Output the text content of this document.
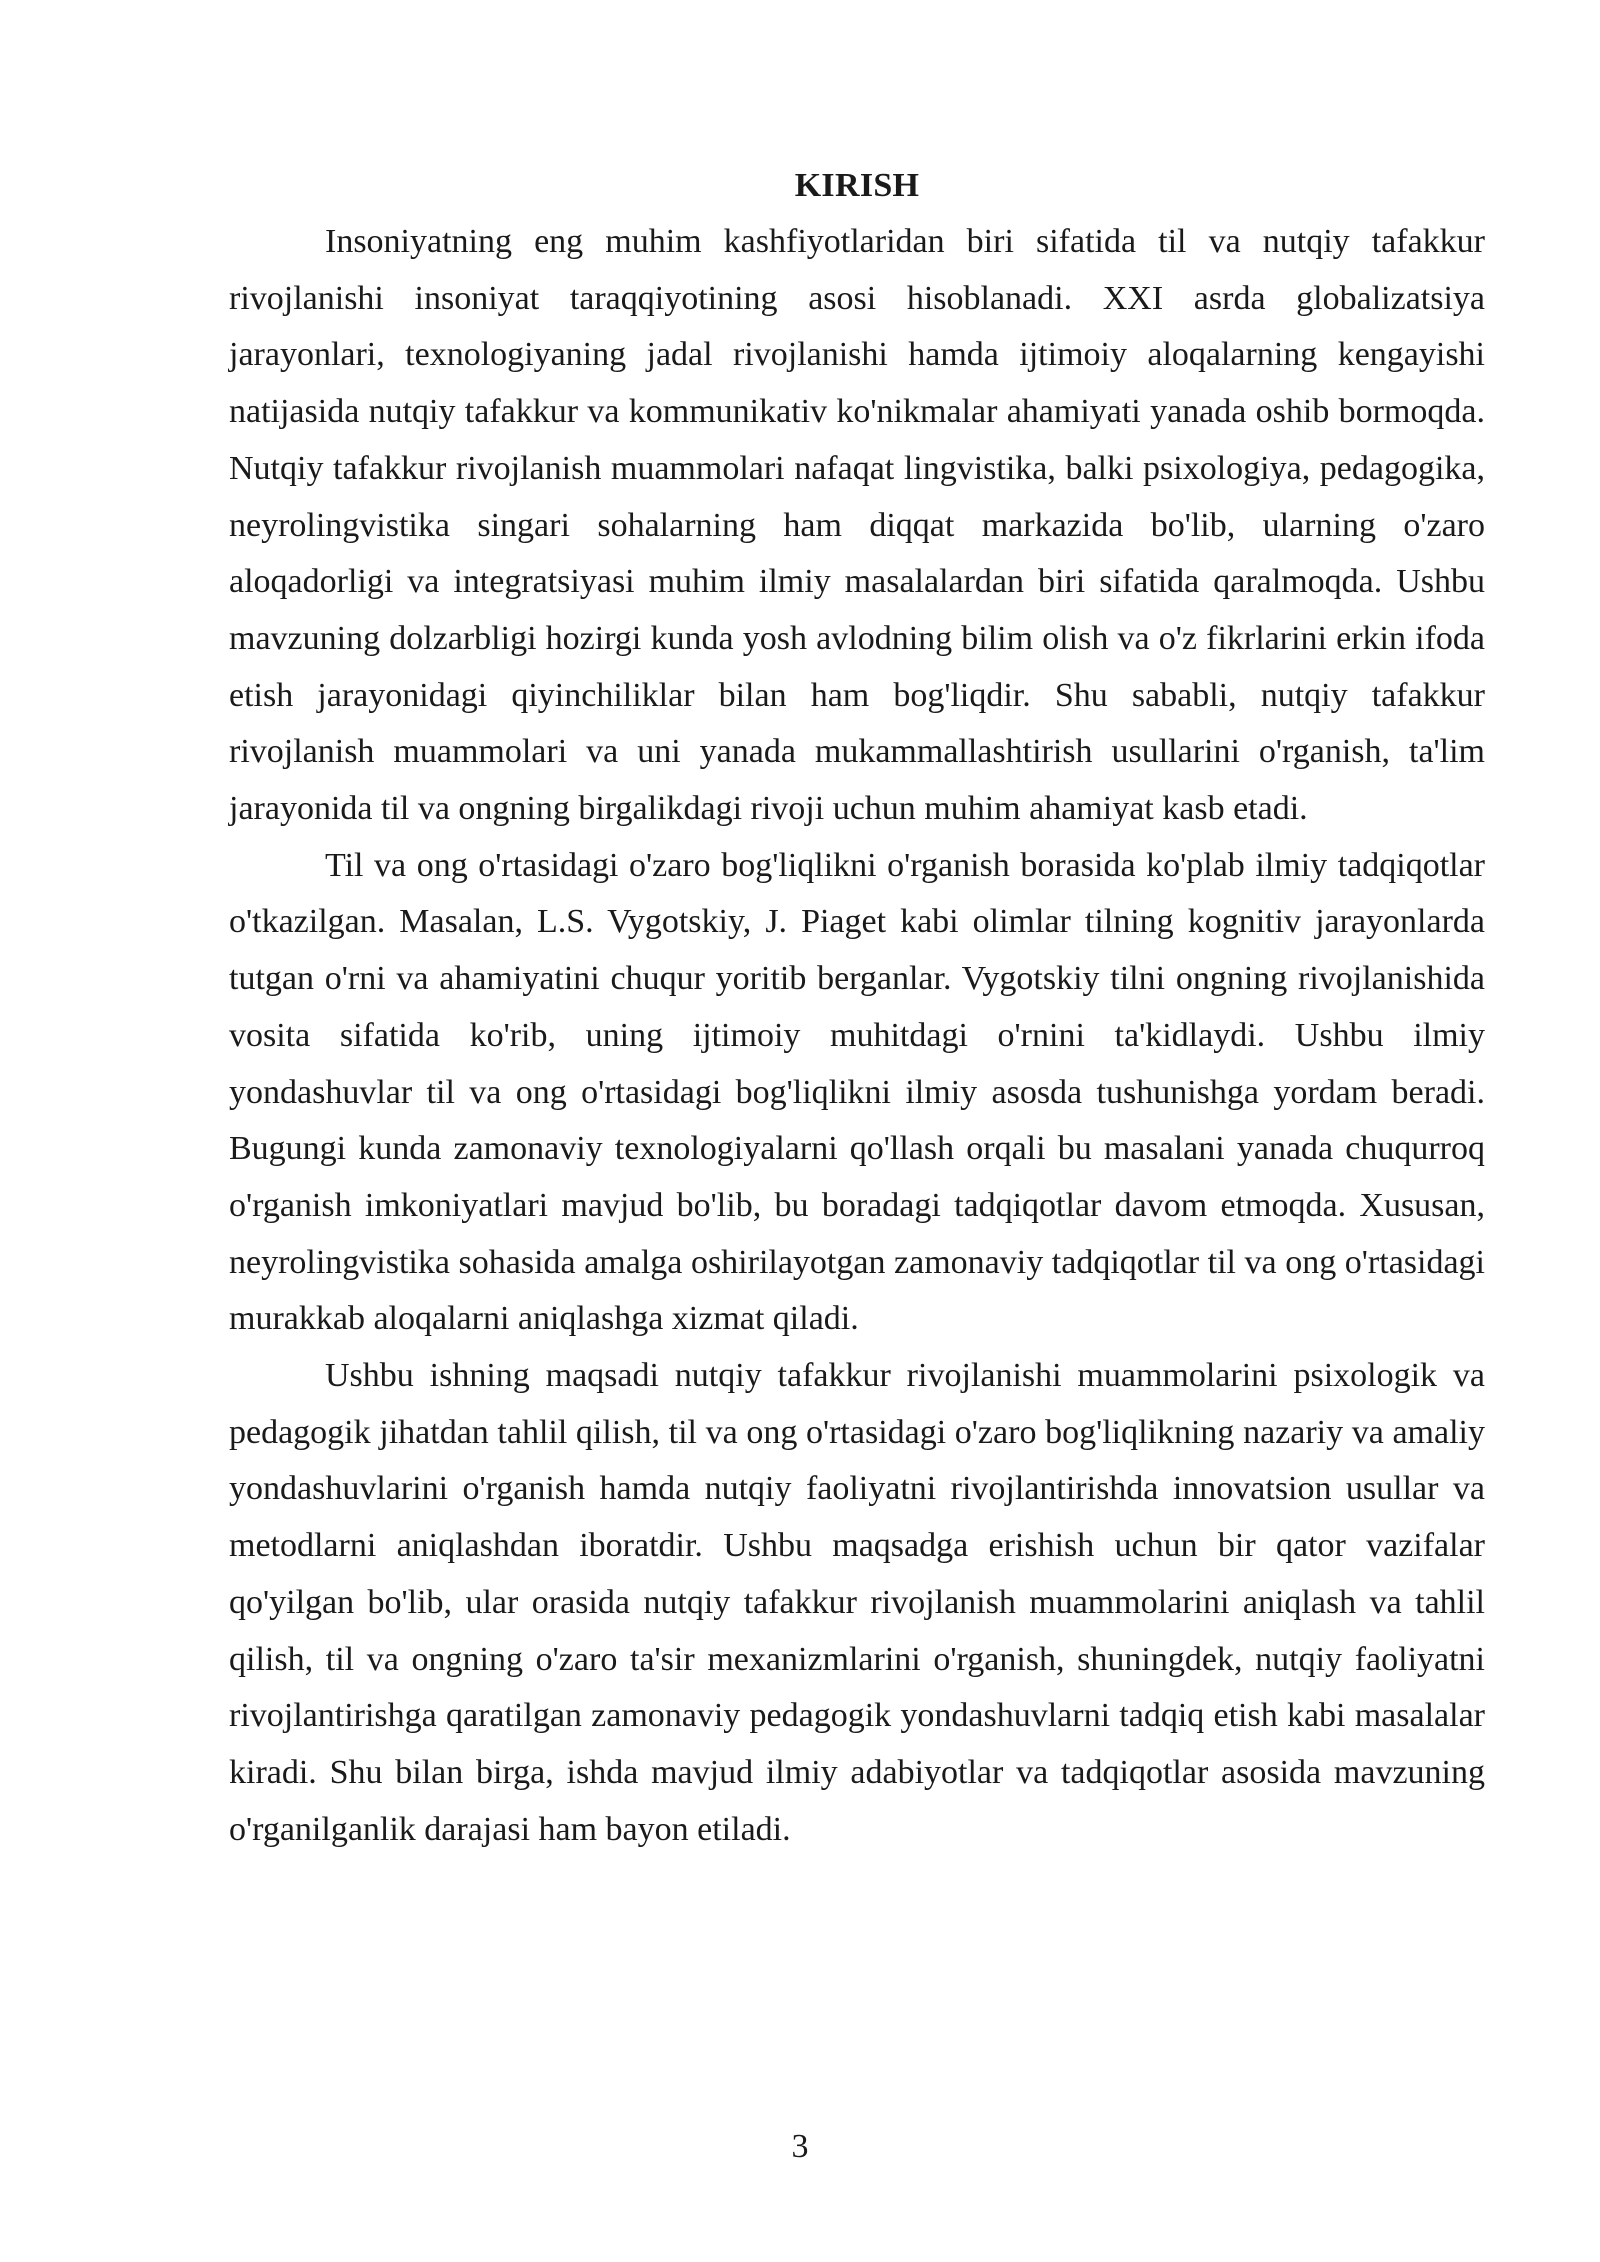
KIRISH

Insoniyatning eng muhim kashfiyotlaridan biri sifatida til va nutqiy tafakkur rivojlanishi insoniyat taraqqiyotining asosi hisoblanadi. XXI asrda globalizatsiya jarayonlari, texnologiyaning jadal rivojlanishi hamda ijtimoiy aloqalarning kengayishi natijasida nutqiy tafakkur va kommunikativ ko'nikmalar ahamiyati yanada oshib bormoqda. Nutqiy tafakkur rivojlanish muammolari nafaqat lingvistika, balki psixologiya, pedagogika, neyrolingvistika singari sohalarning ham diqqat markazida bo'lib, ularning o'zaro aloqadorligi va integratsiyasi muhim ilmiy masalalardan biri sifatida qaralmoqda. Ushbu mavzuning dolzarbligi hozirgi kunda yosh avlodning bilim olish va o'z fikrlarini erkin ifoda etish jarayonidagi qiyinchiliklar bilan ham bog'liqdir. Shu sababli, nutqiy tafakkur rivojlanish muammolari va uni yanada mukammallashtirish usullarini o'rganish, ta'lim jarayonida til va ongning birgalikdagi rivoji uchun muhim ahamiyat kasb etadi.

Til va ong o'rtasidagi o'zaro bog'liqlikni o'rganish borasida ko'plab ilmiy tadqiqotlar o'tkazilgan. Masalan, L.S. Vygotskiy, J. Piaget kabi olimlar tilning kognitiv jarayonlarda tutgan o'rni va ahamiyatini chuqur yoritib berganlar. Vygotskiy tilni ongning rivojlanishida vosita sifatida ko'rib, uning ijtimoiy muhitdagi o'rnini ta'kidlaydi. Ushbu ilmiy yondashuvlar til va ong o'rtasidagi bog'liqlikni ilmiy asosda tushunishga yordam beradi. Bugungi kunda zamonaviy texnologiyalarni qo'llash orqali bu masalani yanada chuqurroq o'rganish imkoniyatlari mavjud bo'lib, bu boradagi tadqiqotlar davom etmoqda. Xususan, neyrolingvistika sohasida amalga oshirilayotgan zamonaviy tadqiqotlar til va ong o'rtasidagi murakkab aloqalarni aniqlashga xizmat qiladi.

Ushbu ishning maqsadi nutqiy tafakkur rivojlanishi muammolarini psixologik va pedagogik jihatdan tahlil qilish, til va ong o'rtasidagi o'zaro bog'liqlikning nazariy va amaliy yondashuvlarini o'rganish hamda nutqiy faoliyatni rivojlantirishda innovatsion usullar va metodlarni aniqlashdan iboratdir. Ushbu maqsadga erishish uchun bir qator vazifalar qo'yilgan bo'lib, ular orasida nutqiy tafakkur rivojlanish muammolarini aniqlash va tahlil qilish, til va ongning o'zaro ta'sir mexanizmlarini o'rganish, shuningdek, nutqiy faoliyatni rivojlantirishga qaratilgan zamonaviy pedagogik yondashuvlarni tadqiq etish kabi masalalar kiradi. Shu bilan birga, ishda mavjud ilmiy adabiyotlar va tadqiqotlar asosida mavzuning o'rganilganlik darajasi ham bayon etiladi.

3
